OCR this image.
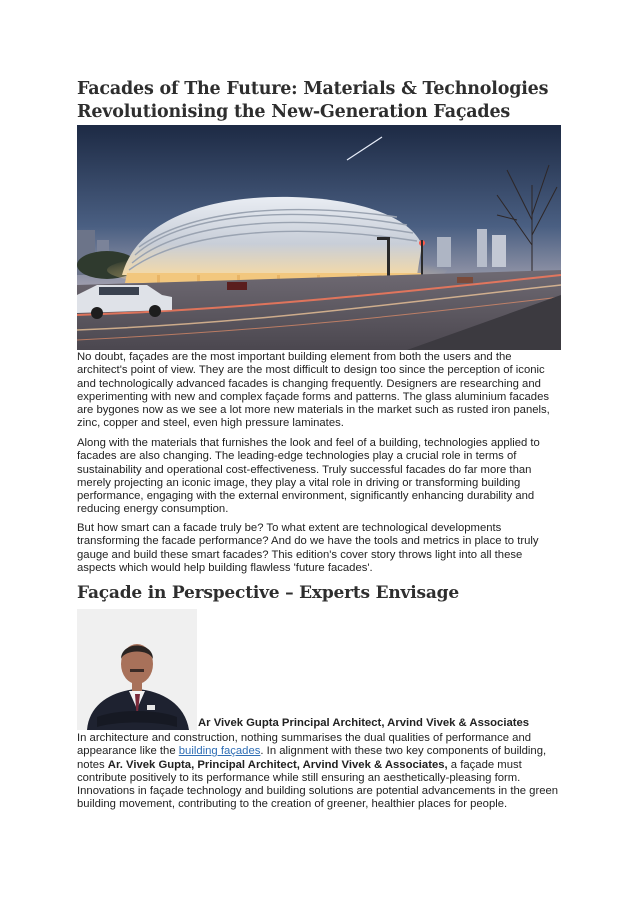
Facades of The Future: Materials & Technologies Revolutionising the New-Generation Façades

No doubt, façades are the most important building element from both the users and the architect's point of view. They are the most difficult to design too since the perception of iconic and technologically advanced facades is changing frequently. Designers are researching and experimenting with new and complex façade forms and patterns. The glass aluminium facades are bygones now as we see a lot more new materials in the market such as rusted iron panels, zinc, copper and steel, even high pressure laminates.

Along with the materials that furnishes the look and feel of a building, technologies applied to facades are also changing. The leading-edge technologies play a crucial role in terms of sustainability and operational cost-effectiveness. Truly successful facades do far more than merely projecting an iconic image, they play a vital role in driving or transforming building performance, engaging with the external environment, significantly enhancing durability and reducing energy consumption.

But how smart can a facade truly be? To what extent are technological developments transforming the facade performance? And do we have the tools and metrics in place to truly gauge and build these smart facades? This edition's cover story throws light into all these aspects which would help building flawless 'future facades'.

Façade in Perspective – Experts Envisage
Ar Vivek Gupta Principal Architect, Arvind Vivek & Associates

In architecture and construction, nothing summarises the dual qualities of performance and appearance like the building façades. In alignment with these two key components of building, notes Ar. Vivek Gupta, Principal Architect, Arvind Vivek & Associates, a façade must contribute positively to its performance while still ensuring an aesthetically-pleasing form. Innovations in façade technology and building solutions are potential advancements in the green building movement, contributing to the creation of greener, healthier places for people.
